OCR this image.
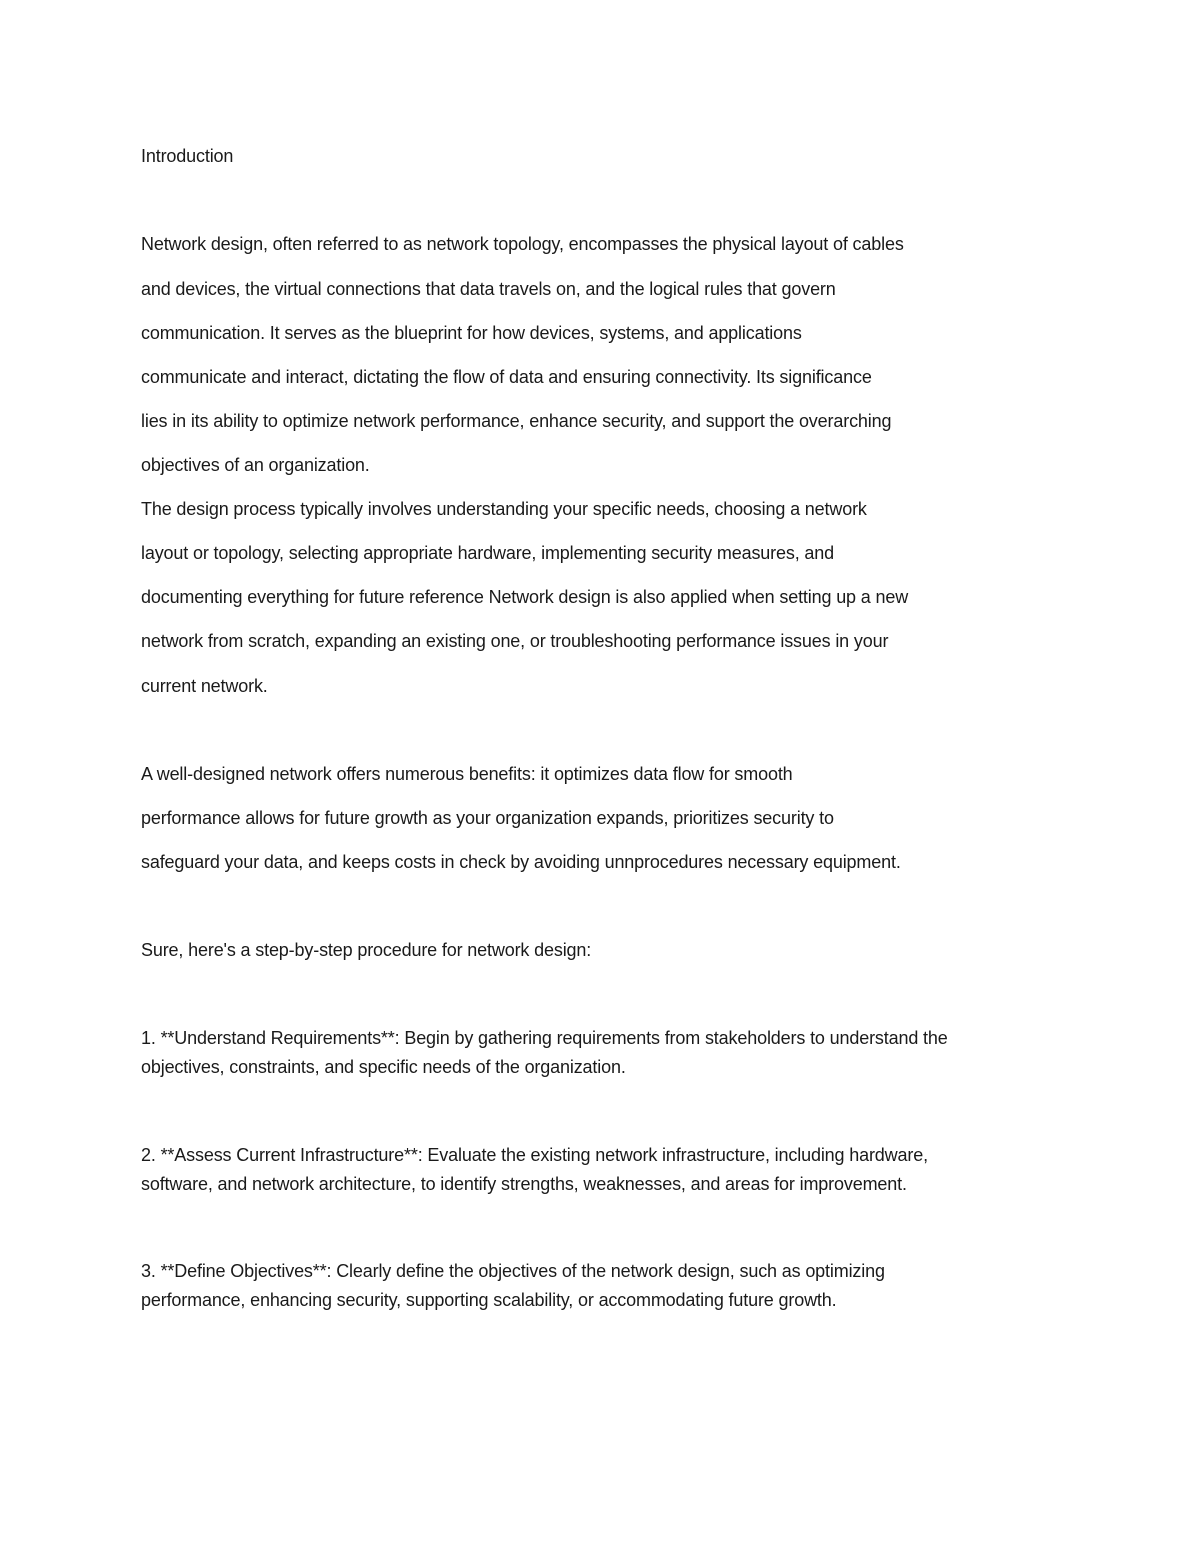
Introduction
Network design, often referred to as network topology, encompasses the physical layout of cables
and devices, the virtual connections that data travels on, and the logical rules that govern
communication. It serves as the blueprint for how devices, systems, and applications
communicate and interact, dictating the flow of data and ensuring connectivity. Its significance
lies in its ability to optimize network performance, enhance security, and support the overarching
objectives of an organization.
The design process typically involves understanding your specific needs, choosing a network
layout or topology, selecting appropriate hardware, implementing security measures, and
documenting everything for future reference Network design is also applied when setting up a new
network from scratch, expanding an existing one, or troubleshooting performance issues in your
current network.
A well-designed network offers numerous benefits: it optimizes data flow for smooth
performance allows for future growth as your organization expands, prioritizes security to
safeguard your data, and keeps costs in check by avoiding unnprocedures necessary equipment.
Sure, here's a step-by-step procedure for network design:
1. **Understand Requirements**: Begin by gathering requirements from stakeholders to understand the
objectives, constraints, and specific needs of the organization.
2. **Assess Current Infrastructure**: Evaluate the existing network infrastructure, including hardware,
software, and network architecture, to identify strengths, weaknesses, and areas for improvement.
3. **Define Objectives**: Clearly define the objectives of the network design, such as optimizing
performance, enhancing security, supporting scalability, or accommodating future growth.
